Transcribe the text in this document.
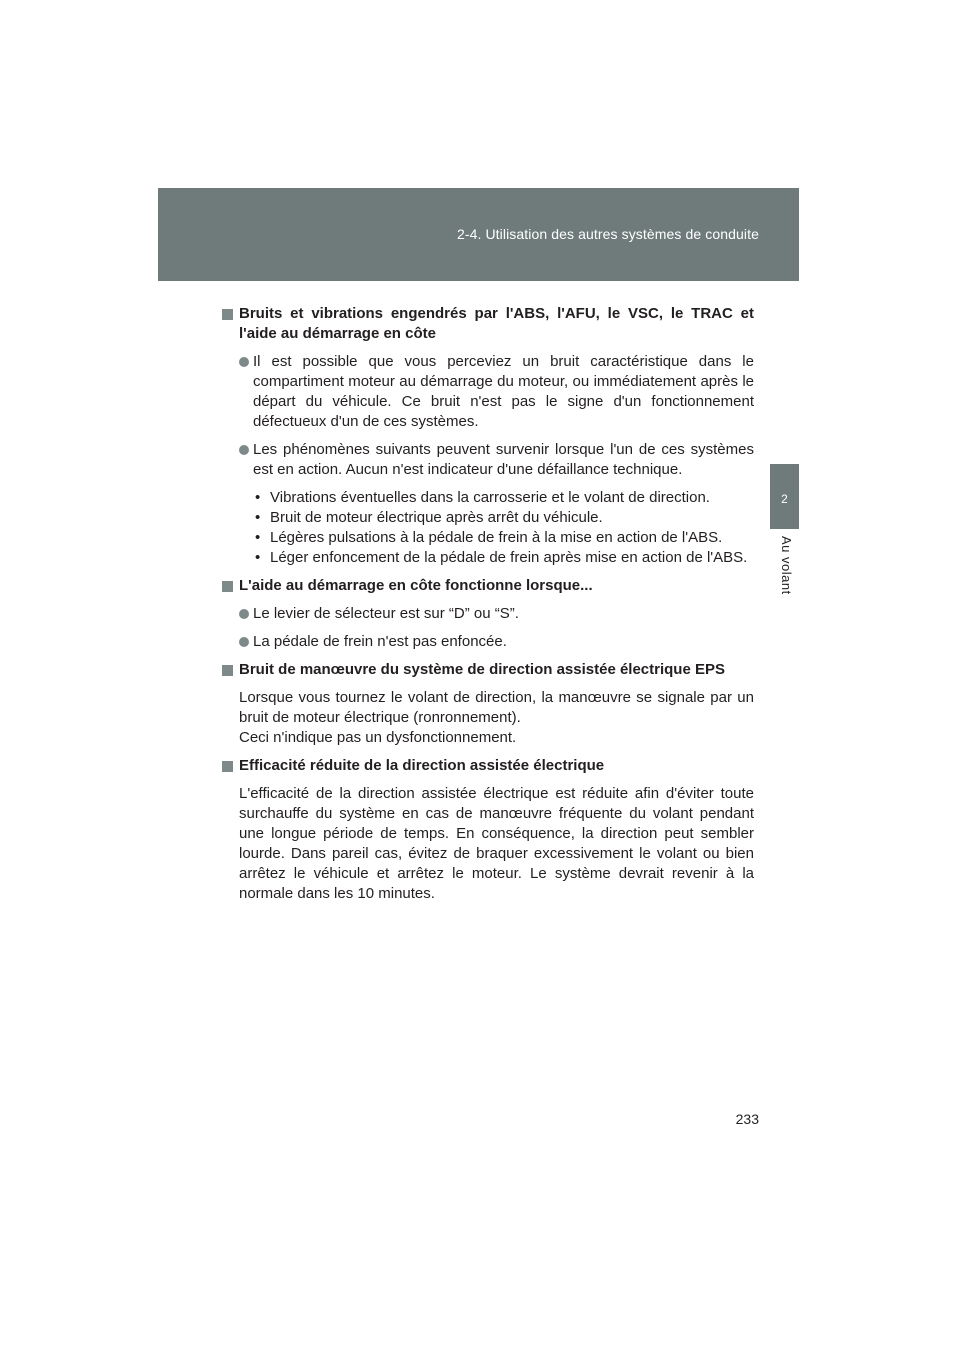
2-4. Utilisation des autres systèmes de conduite
2
Au volant
Bruits et vibrations engendrés par l'ABS, l'AFU, le VSC, le TRAC et l'aide au démarrage en côte
Il est possible que vous perceviez un bruit caractéristique dans le compartiment moteur au démarrage du moteur, ou immédiatement après le départ du véhicule. Ce bruit n'est pas le signe d'un fonctionnement défectueux d'un de ces systèmes.
Les phénomènes suivants peuvent survenir lorsque l'un de ces systèmes est en action. Aucun n'est indicateur d'une défaillance technique.
• Vibrations éventuelles dans la carrosserie et le volant de direction.
• Bruit de moteur électrique après arrêt du véhicule.
• Légères pulsations à la pédale de frein à la mise en action de l'ABS.
• Léger enfoncement de la pédale de frein après mise en action de l'ABS.
L'aide au démarrage en côte fonctionne lorsque...
Le levier de sélecteur est sur “D” ou “S”.
La pédale de frein n'est pas enfoncée.
Bruit de manœuvre du système de direction assistée électrique EPS
Lorsque vous tournez le volant de direction, la manœuvre se signale par un bruit de moteur électrique (ronronnement).
Ceci n'indique pas un dysfonctionnement.
Efficacité réduite de la direction assistée électrique
L'efficacité de la direction assistée électrique est réduite afin d'éviter toute surchauffe du système en cas de manœuvre fréquente du volant pendant une longue période de temps. En conséquence, la direction peut sembler lourde. Dans pareil cas, évitez de braquer excessivement le volant ou bien arrêtez le véhicule et arrêtez le moteur. Le système devrait revenir à la normale dans les 10 minutes.
233
